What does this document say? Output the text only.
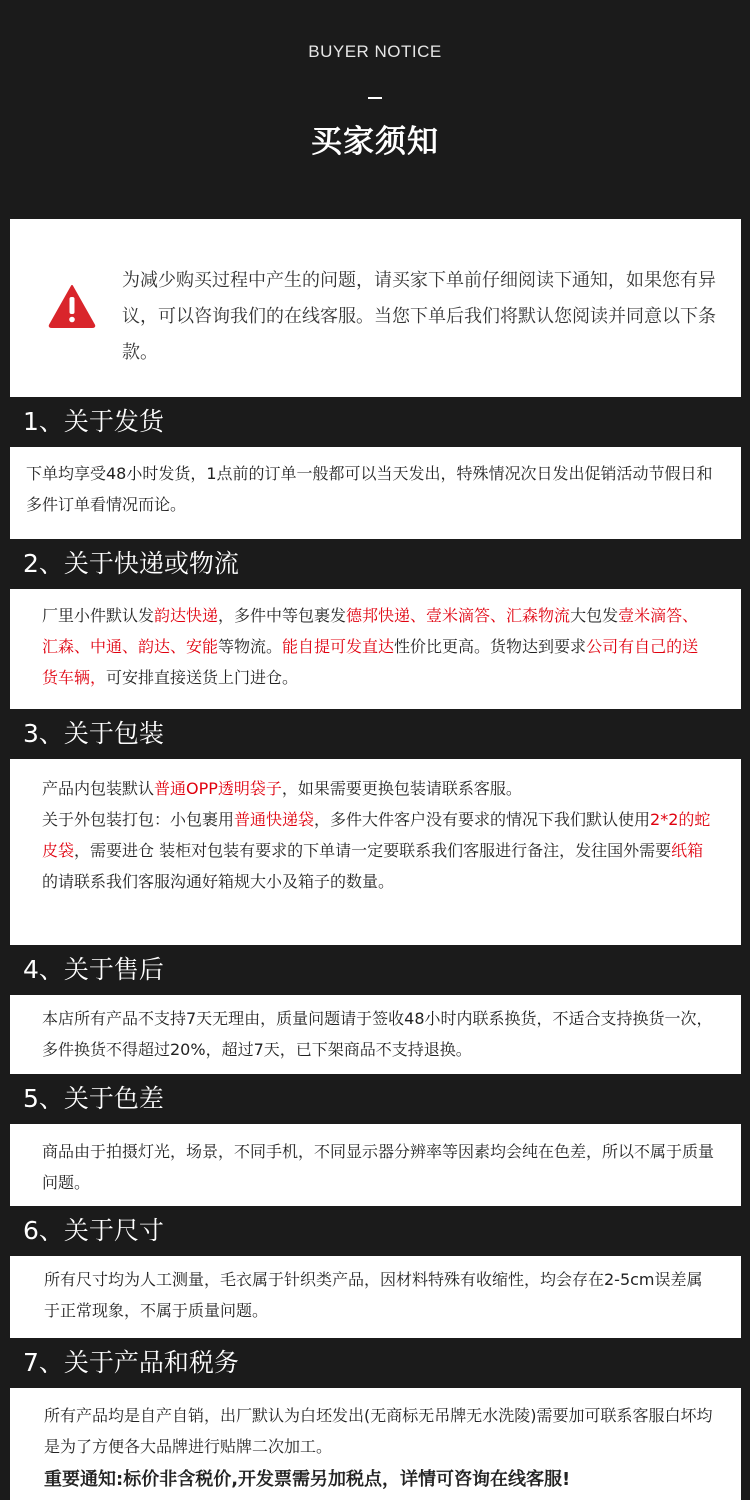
BUYER NOTICE
买家须知
为减少购买过程中产生的问题，请买家下单前仔细阅读下通知，如果您有异议，可以咨询我们的在线客服。当您下单后我们将默认您阅读并同意以下条款。
1、关于发货

下单均享受48小时发货，1点前的订单一般都可以当天发出，特殊情况次日发出促销活动节假日和多件订单看情况而论。

2、关于快递或物流

厂里小件默认发韵达快递，多件中等包裹发德邦快递、壹米滴答、汇森物流大包发壹米滴答、汇森、中通、韵达、安能等物流。能自提可发直达性价比更高。货物达到要求公司有自己的送货车辆，可安排直接送货上门进仓。

3、关于包装

产品内包装默认普通OPP透明袋子，如果需要更换包装请联系客服。
关于外包装打包：小包裹用普通快递袋，多件大件客户没有要求的情况下我们默认使用2*2的蛇皮袋，需要进仓 装柜对包装有要求的下单请一定要联系我们客服进行备注，发往国外需要纸箱的请联系我们客服沟通好箱规大小及箱子的数量。

4、关于售后

本店所有产品不支持7天无理由，质量问题请于签收48小时内联系换货，不适合支持换货一次，多件换货不得超过20%，超过7天，已下架商品不支持退换。

5、关于色差

商品由于拍摄灯光，场景，不同手机，不同显示器分辨率等因素均会纯在色差，所以不属于质量问题。

6、关于尺寸

所有尺寸均为人工测量，毛衣属于针织类产品，因材料特殊有收缩性，均会存在2-5cm误差属于正常现象，不属于质量问题。

7、关于产品和税务

所有产品均是自产自销，出厂默认为白坯发出(无商标无吊牌无水洗陵)需要加可联系客服白坏均是为了方便各大品牌进行贴牌二次加工。

重要通知:标价非含税价,开发票需另加税点，详情可咨询在线客服!
